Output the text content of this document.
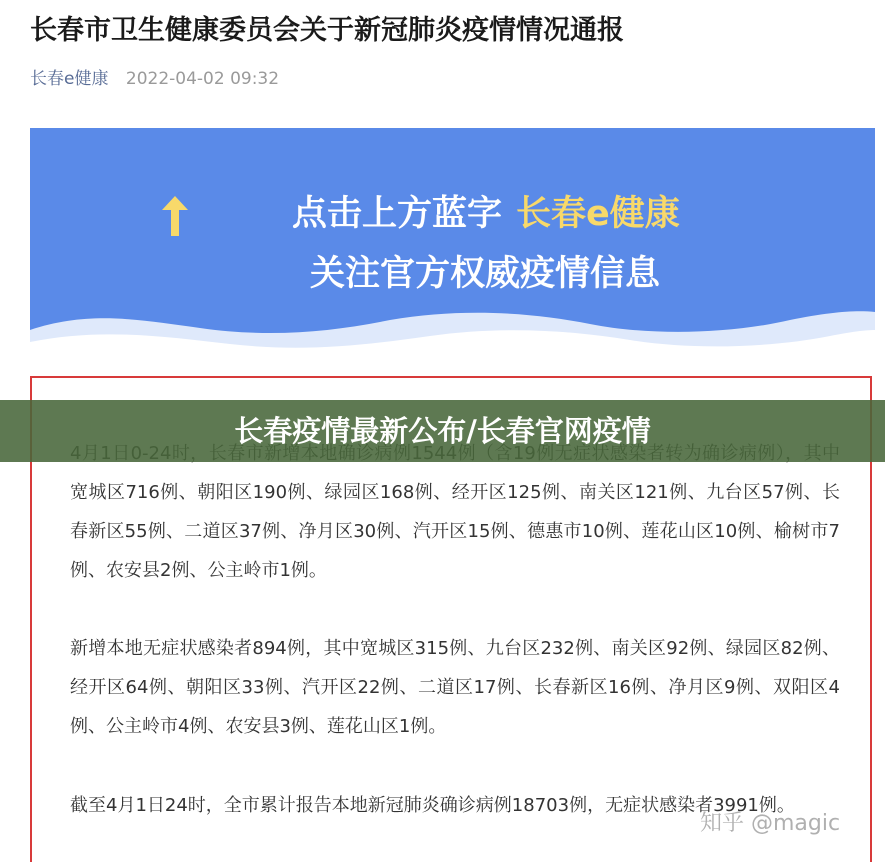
长春市卫生健康委员会关于新冠肺炎疫情情况通报
长春e健康 2022-04-02 09:32
点击上方蓝字 长春e健康
关注官方权威疫情信息
宽城区716例、朝阳区190例、绿园区168例、经开区125例、南关区121例、九台区57例、长春新区55例、二道区37例、净月区30例、汽开区15例、德惠市10例、莲花山区10例、榆树市7例、农安县2例、公主岭市1例。
新增本地无症状感染者894例，其中宽城区315例、九台区232例、南关区92例、绿园区82例、经开区64例、朝阳区33例、汽开区22例、二道区17例、长春新区16例、净月区9例、双阳区4例、公主岭市4例、农安县3例、莲花山区1例。
截至4月1日24时，全市累计报告本地新冠肺炎确诊病例18703例，无症状感染者3991例。
长春疫情最新公布/长春官网疫情
知乎 @magic
